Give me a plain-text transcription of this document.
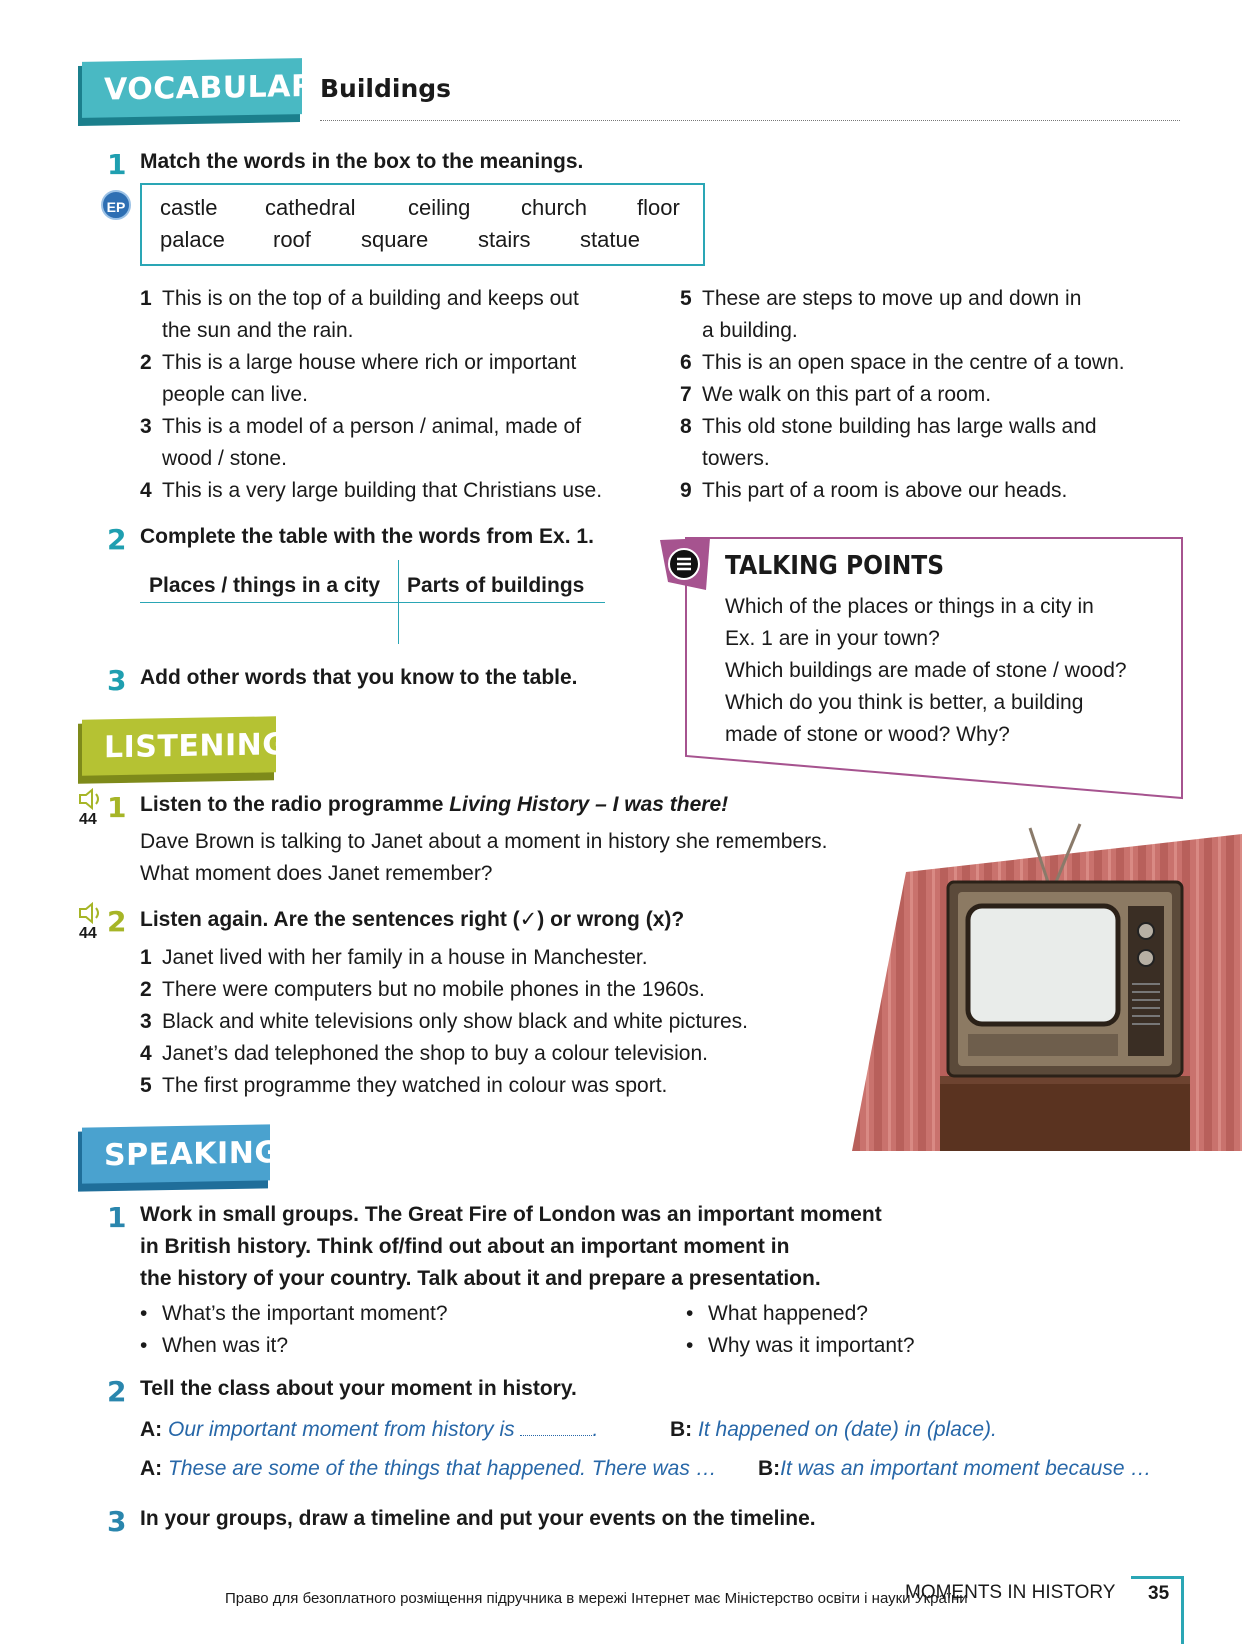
VOCABULARY
Buildings
1 Match the words in the box to the meanings.
EP castle cathedral ceiling church floor
palace roof square stairs statue
1 This is on the top of a building and keeps out
the sun and the rain.
2 This is a large house where rich or important
people can live.
3 This is a model of a person / animal, made of
wood / stone.
4 This is a very large building that Christians use.
5 These are steps to move up and down in
a building.
6 This is an open space in the centre of a town.
7 We walk on this part of a room.
8 This old stone building has large walls and
towers.
9 This part of a room is above our heads.
2 Complete the table with the words from Ex. 1.
Places / things in a city Parts of buildings
3 Add other words that you know to the table.
TALKING POINTS
Which of the places or things in a city in
Ex. 1 are in your town?
Which buildings are made of stone / wood?
Which do you think is better, a building
made of stone or wood? Why?
LISTENING
44 1 Listen to the radio programme Living History – I was there!
Dave Brown is talking to Janet about a moment in history she remembers.
What moment does Janet remember?
44 2 Listen again. Are the sentences right (✓) or wrong (x)?
1 Janet lived with her family in a house in Manchester.
2 There were computers but no mobile phones in the 1960s.
3 Black and white televisions only show black and white pictures.
4 Janet’s dad telephoned the shop to buy a colour television.
5 The first programme they watched in colour was sport.
SPEAKING
1 Work in small groups. The Great Fire of London was an important moment
in British history. Think of/find out about an important moment in
the history of your country. Talk about it and prepare a presentation.
• What’s the important moment?
• When was it?
• What happened?
• Why was it important?
2 Tell the class about your moment in history.
A: Our important moment from history is	.	B: It happened on (date) in (place).
A: These are some of the things that happened. There was … B:It was an important moment because …
3 In your groups, draw a timeline and put your events on the timeline.
Право для безоплатного розміщення підручника в мережі Інтернет має Міністерство освіти і науки України
MOMENTS IN HISTORY 35
